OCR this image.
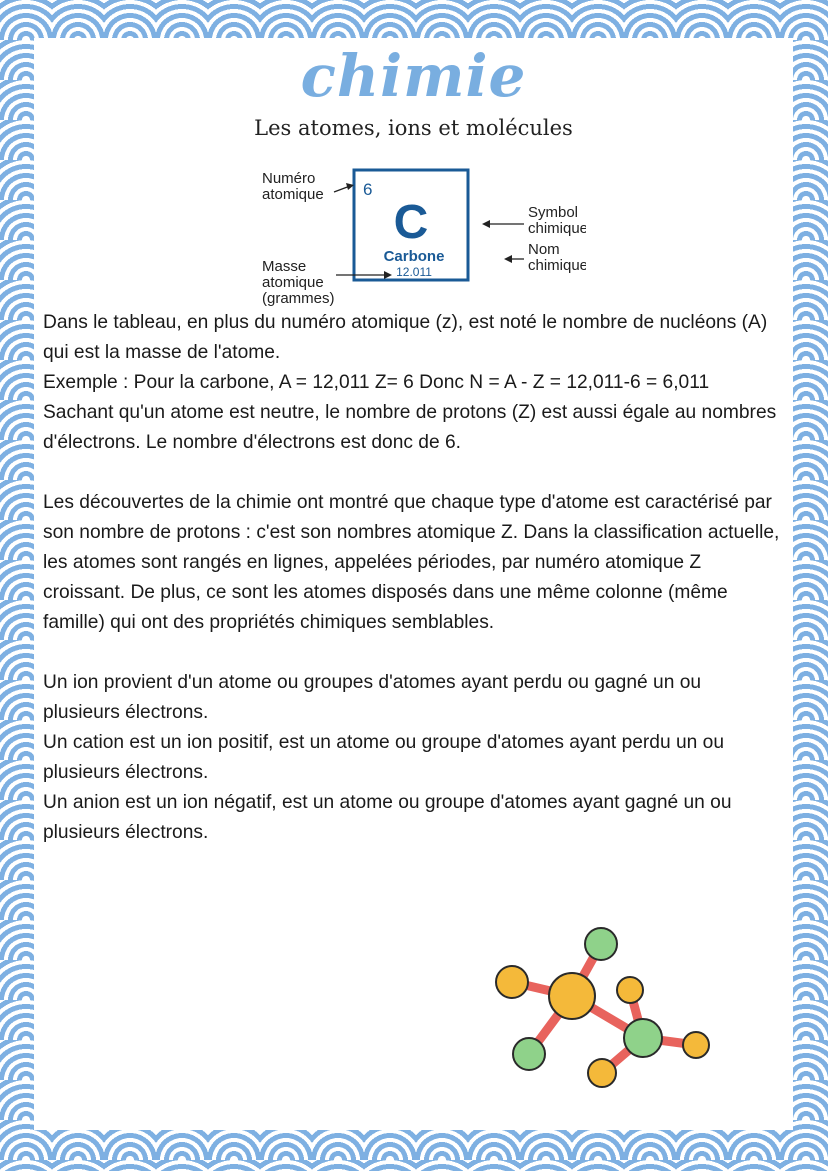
chimie
Les atomes, ions et molécules
6
C
Carbone
12.011
Numéro
atomique
Masse
atomique
(grammes)
Symbol
chimique
Nom
chimique

Dans le tableau, en plus du numéro atomique (z), est noté le nombre de nucléons (A) qui est la masse de l'atome.

Exemple : Pour la carbone, A = 12,011 Z= 6 Donc N = A - Z = 12,011-6 = 6,011

Sachant qu'un atome est neutre, le nombre de protons (Z) est aussi égale au nombres d'électrons. Le nombre d'électrons est donc de 6.

Les découvertes de la chimie ont montré que chaque type d'atome est caractérisé par son nombre de protons : c'est son nombres atomique Z. Dans la classification actuelle, les atomes sont rangés en lignes, appelées périodes, par numéro atomique Z croissant. De plus, ce sont les atomes disposés dans une même colonne (même famille) qui ont des propriétés chimiques semblables.

Un ion provient d'un atome ou groupes d'atomes ayant perdu ou gagné un ou plusieurs électrons.

Un cation est un ion positif, est un atome ou groupe d'atomes ayant perdu un ou plusieurs électrons.

Un anion est un ion négatif, est un atome ou groupe d'atomes ayant gagné un ou plusieurs électrons.
